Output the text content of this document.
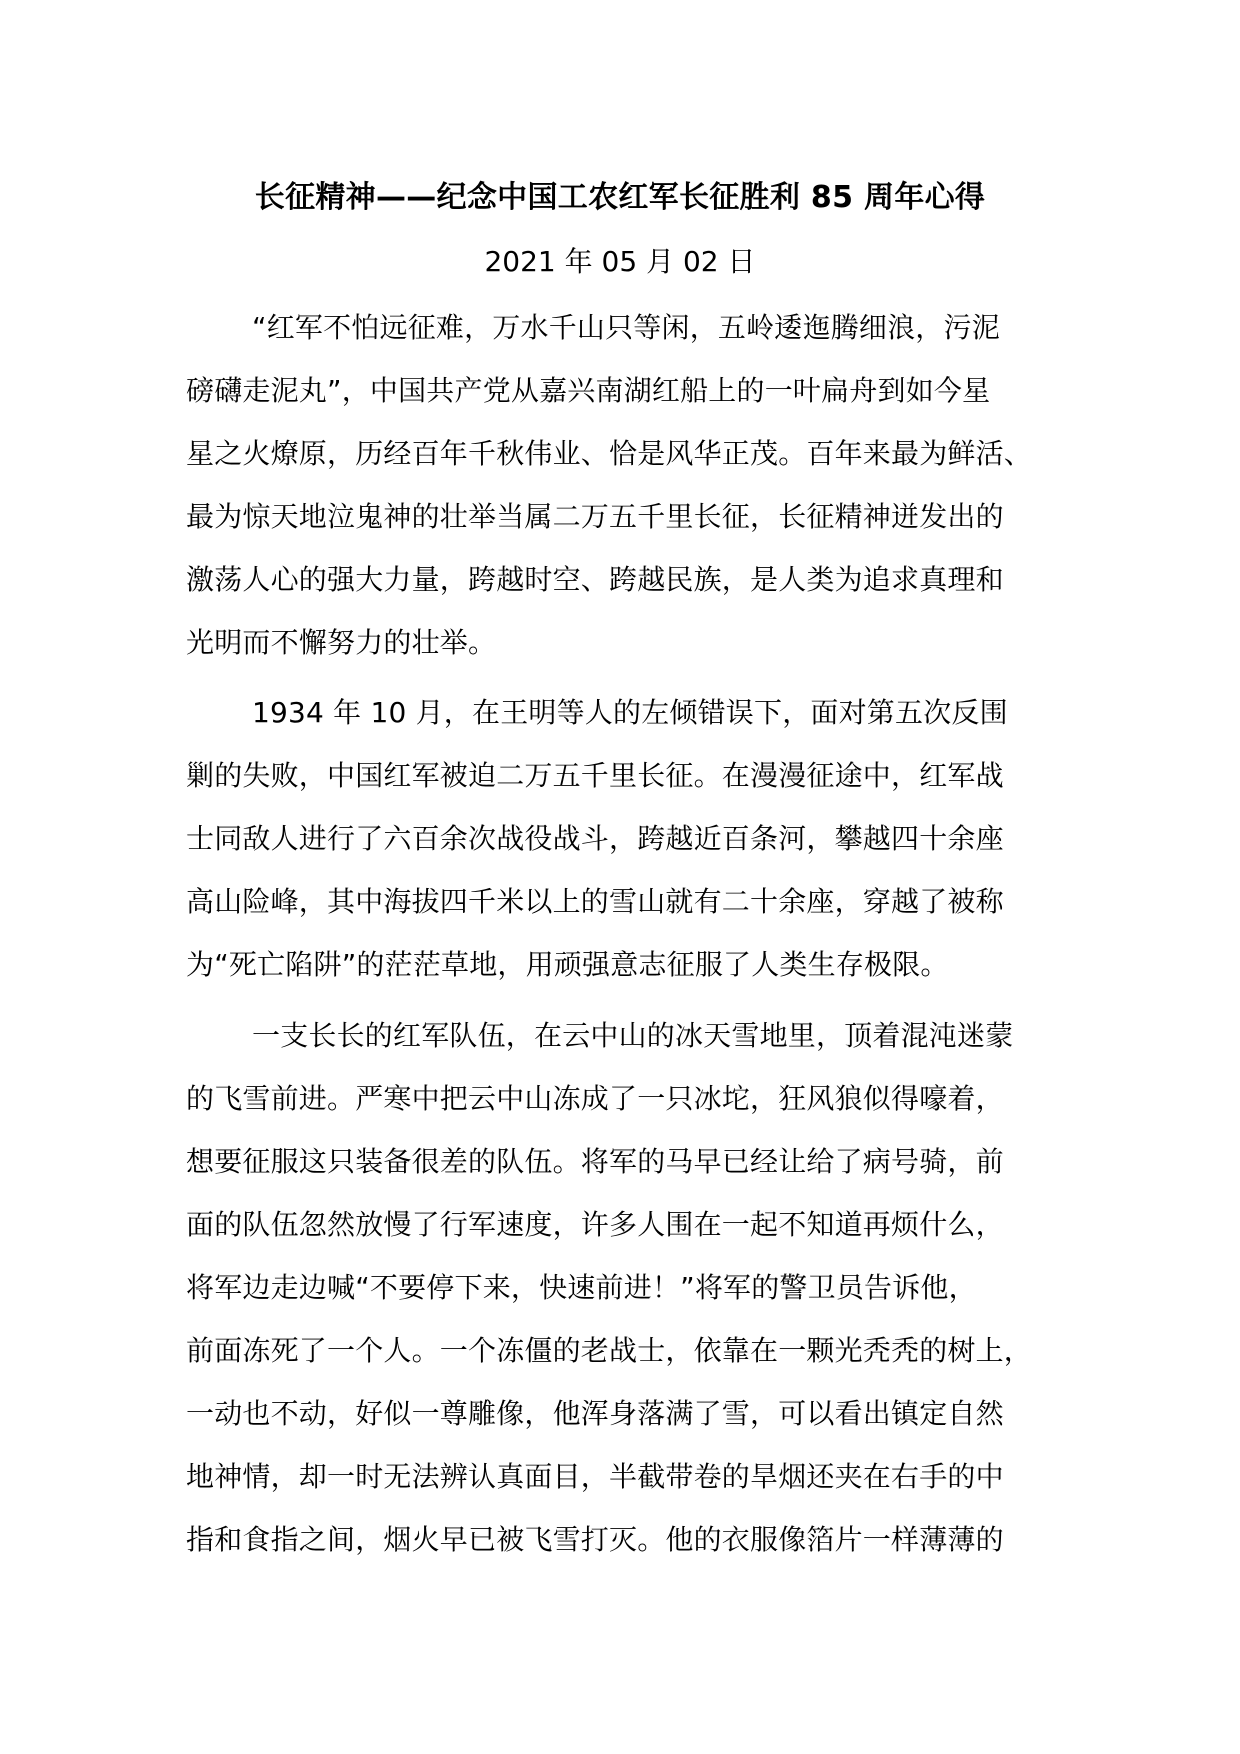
长征精神——纪念中国工农红军长征胜利 85 周年心得
2021 年 05 月 02 日
“红军不怕远征难，万水千山只等闲，五岭逶迤腾细浪，污泥
磅礴走泥丸”，中国共产党从嘉兴南湖红船上的一叶扁舟到如今星
星之火燎原，历经百年千秋伟业、恰是风华正茂。百年来最为鲜活、
最为惊天地泣鬼神的壮举当属二万五千里长征，长征精神迸发出的
激荡人心的强大力量，跨越时空、跨越民族，是人类为追求真理和
光明而不懈努力的壮举。
1934 年 10 月，在王明等人的左倾错误下，面对第五次反围
剿的失败，中国红军被迫二万五千里长征。在漫漫征途中，红军战
士同敌人进行了六百余次战役战斗，跨越近百条河，攀越四十余座
高山险峰，其中海拔四千米以上的雪山就有二十余座，穿越了被称
为“死亡陷阱”的茫茫草地，用顽强意志征服了人类生存极限。
一支长长的红军队伍，在云中山的冰天雪地里，顶着混沌迷蒙
的飞雪前进。严寒中把云中山冻成了一只冰坨，狂风狼似得嚎着，
想要征服这只装备很差的队伍。将军的马早已经让给了病号骑，前
面的队伍忽然放慢了行军速度，许多人围在一起不知道再烦什么，
将军边走边喊“不要停下来，快速前进！”将军的警卫员告诉他，
前面冻死了一个人。一个冻僵的老战士，依靠在一颗光秃秃的树上，
一动也不动，好似一尊雕像，他浑身落满了雪，可以看出镇定自然
地神情，却一时无法辨认真面目，半截带卷的旱烟还夹在右手的中
指和食指之间，烟火早已被飞雪打灭。他的衣服像箔片一样薄薄的
